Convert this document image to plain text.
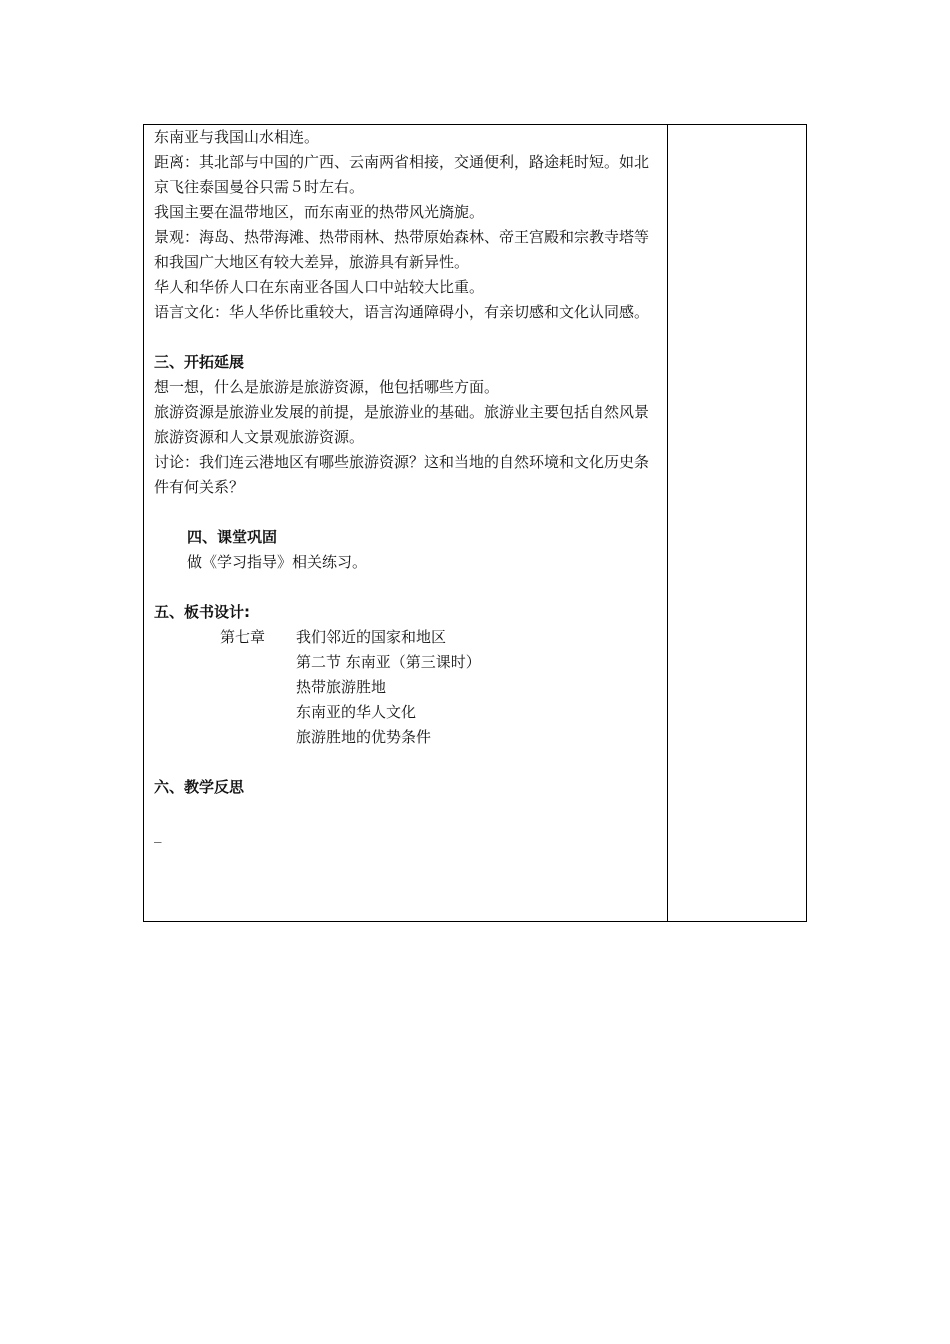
东南亚与我国山水相连。

距离：其北部与中国的广西、云南两省相接，交通便利，路途耗时短。如北京飞往泰国曼谷只需５时左右。

我国主要在温带地区，而东南亚的热带风光旖旎。

景观：海岛、热带海滩、热带雨林、热带原始森林、帝王宫殿和宗教寺塔等和我国广大地区有较大差异，旅游具有新异性。

华人和华侨人口在东南亚各国人口中站较大比重。

语言文化：华人华侨比重较大，语言沟通障碍小，有亲切感和文化认同感。

三、开拓延展

想一想，什么是旅游是旅游资源，他包括哪些方面。

旅游资源是旅游业发展的前提，是旅游业的基础。旅游业主要包括自然风景旅游资源和人文景观旅游资源。

讨论：我们连云港地区有哪些旅游资源？这和当地的自然环境和文化历史条件有何关系？

四、课堂巩固

做《学习指导》相关练习。

五、板书设计:

第七章	我们邻近的国家和地区

第二节 东南亚（第三课时）

热带旅游胜地

东南亚的华人文化

旅游胜地的优势条件

六、教学反思

_
